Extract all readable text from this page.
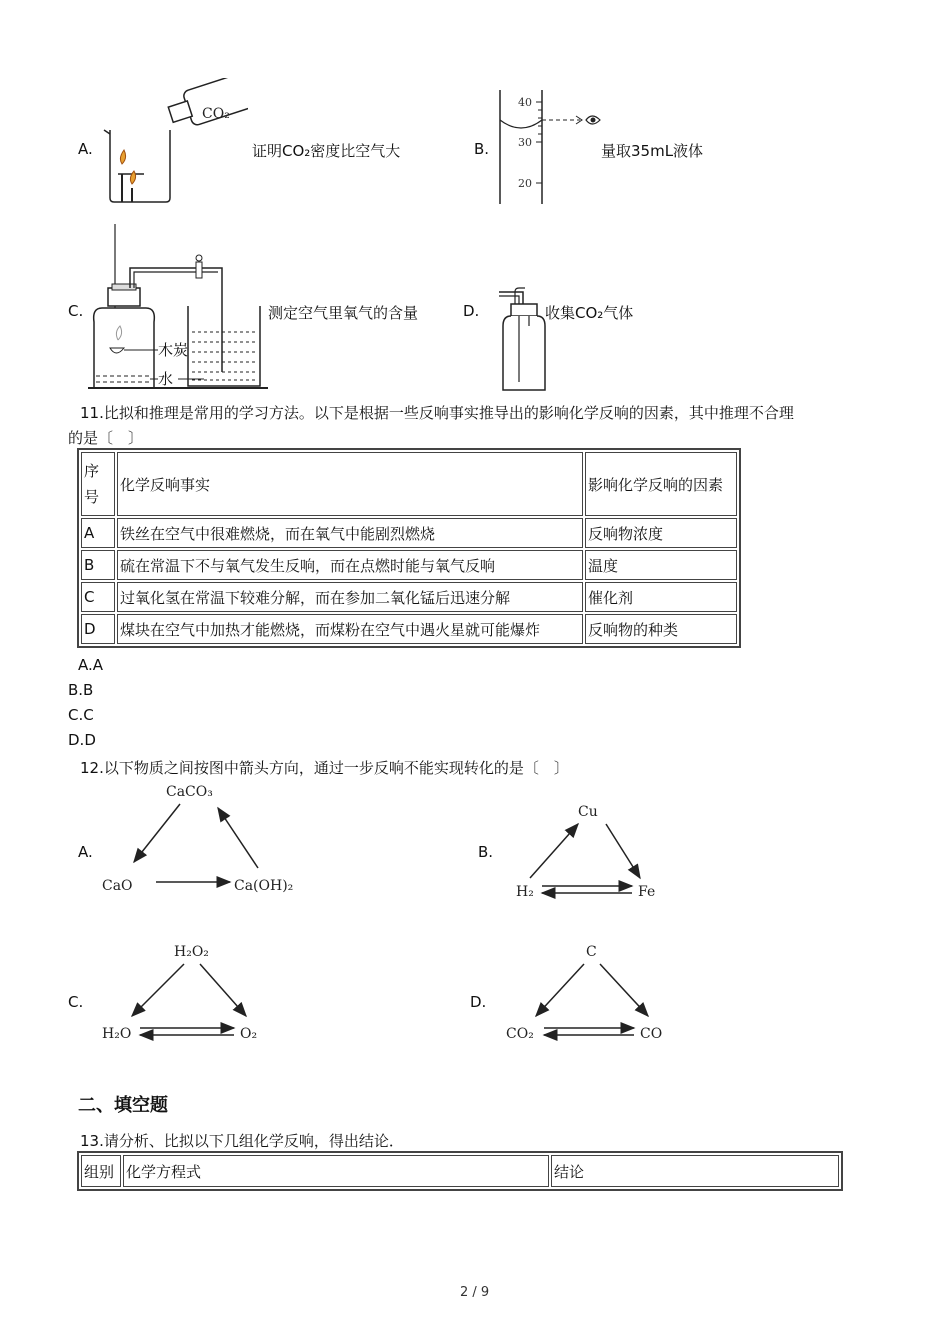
A.
CO₂
证明CO₂密度比空气大	B.
40
30
20
量取35mL液体
C.
木炭
水
测定空气里氧气的含量	D.	收集CO₂气体
11.比拟和推理是常用的学习方法。以下是根据一些反响事实推导出的影响化学反响的因素，其中推理不合理
的是〔　〕
序
号	化学反响事实	影响化学反响的因素
A	铁丝在空气中很难燃烧，而在氧气中能剧烈燃烧	反响物浓度
B	硫在常温下不与氧气发生反响，而在点燃时能与氧气反响	温度
C	过氧化氢在常温下较难分解，而在参加二氧化锰后迅速分解	催化剂
D	煤块在空气中加热才能燃烧，而煤粉在空气中遇火星就可能爆炸	反响物的种类
A.A
B.B
C.C
D.D
12.以下物质之间按图中箭头方向，通过一步反响不能实现转化的是〔　〕
A.
CaCO₃
CaO	Ca(OH)₂
B.
Cu
H₂	Fe
C.
H₂O₂
H₂O	O₂
D.
C
CO₂	CO
二、填空题
13.请分析、比拟以下几组化学反响，得出结论．
组别	化学方程式	结论
2 / 9
